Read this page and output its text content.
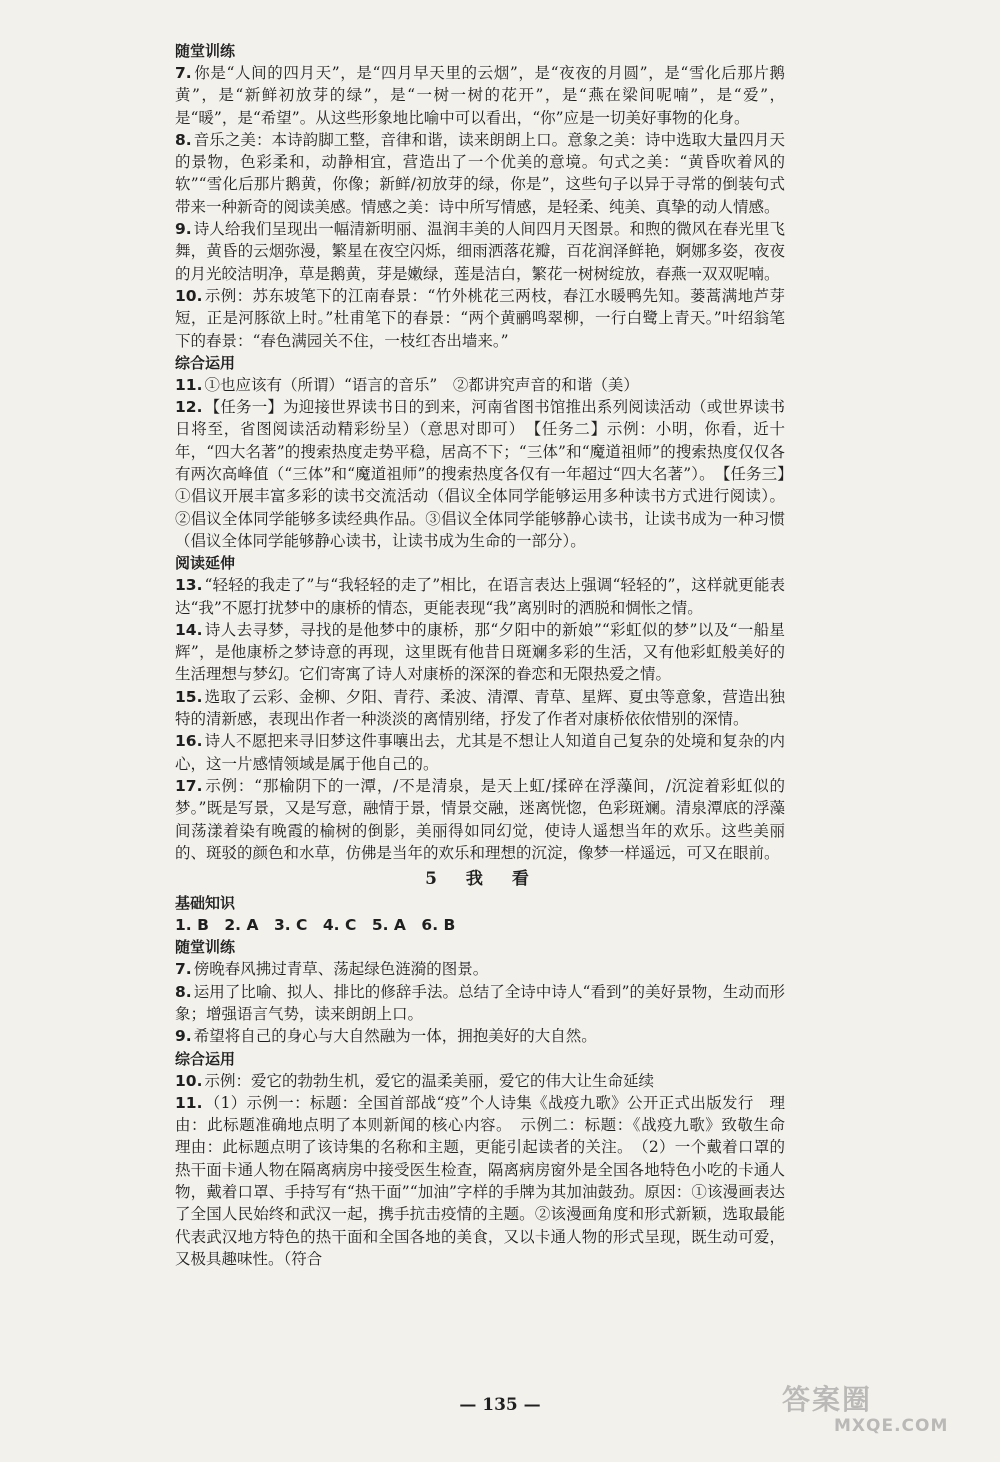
随堂训练
7. 你是“人间的四月天”，是“四月早天里的云烟”，是“夜夜的月圆”，是“雪化后那片鹅黄”，是“新鲜初放芽的绿”，是“一树一树的花开”，是“燕在梁间呢喃”，是“爱”，是“暖”，是“希望”。从这些形象地比喻中可以看出，“你”应是一切美好事物的化身。
8. 音乐之美：本诗韵脚工整，音律和谐，读来朗朗上口。意象之美：诗中选取大量四月天的景物，色彩柔和，动静相宜，营造出了一个优美的意境。句式之美：“黄昏吹着风的软”“雪化后那片鹅黄，你像；新鲜/初放芽的绿，你是”，这些句子以异于寻常的倒装句式带来一种新奇的阅读美感。情感之美：诗中所写情感，是轻柔、纯美、真挚的动人情感。
9. 诗人给我们呈现出一幅清新明丽、温润丰美的人间四月天图景。和煦的微风在春光里飞舞，黄昏的云烟弥漫，繁星在夜空闪烁，细雨洒落花瓣，百花润泽鲜艳，婀娜多姿，夜夜的月光皎洁明净，草是鹅黄，芽是嫩绿，莲是洁白，繁花一树树绽放，春燕一双双呢喃。
10. 示例：苏东坡笔下的江南春景：“竹外桃花三两枝，春江水暖鸭先知。蒌蒿满地芦芽短，正是河豚欲上时。”杜甫笔下的春景：“两个黄鹂鸣翠柳，一行白鹭上青天。”叶绍翁笔下的春景：“春色满园关不住，一枝红杏出墙来。”
综合运用
11. ①也应该有（所谓）“语言的音乐”　②都讲究声音的和谐（美）
12. 【任务一】为迎接世界读书日的到来，河南省图书馆推出系列阅读活动（或世界读书日将至，省图阅读活动精彩纷呈）（意思对即可）　【任务二】示例：小明，你看，近十年，“四大名著”的搜索热度走势平稳，居高不下；“三体”和“魔道祖师”的搜索热度仅仅各有两次高峰值（“三体”和“魔道祖师”的搜索热度各仅有一年超过“四大名著”）。　【任务三】①倡议开展丰富多彩的读书交流活动（倡议全体同学能够运用多种读书方式进行阅读）。②倡议全体同学能够多读经典作品。③倡议全体同学能够静心读书，让读书成为一种习惯（倡议全体同学能够静心读书，让读书成为生命的一部分）。
阅读延伸
13. “轻轻的我走了”与“我轻轻的走了”相比，在语言表达上强调“轻轻的”，这样就更能表达“我”不愿打扰梦中的康桥的情态，更能表现“我”离别时的洒脱和惆怅之情。
14. 诗人去寻梦，寻找的是他梦中的康桥，那“夕阳中的新娘”“彩虹似的梦”以及“一船星辉”，是他康桥之梦诗意的再现，这里既有他昔日斑斓多彩的生活，又有他彩虹般美好的生活理想与梦幻。它们寄寓了诗人对康桥的深深的眷恋和无限热爱之情。
15. 选取了云彩、金柳、夕阳、青荇、柔波、清潭、青草、星辉、夏虫等意象，营造出独特的清新感，表现出作者一种淡淡的离情别绪，抒发了作者对康桥依依惜别的深情。
16. 诗人不愿把来寻旧梦这件事嚷出去，尤其是不想让人知道自己复杂的处境和复杂的内心，这一片感情领域是属于他自己的。
17. 示例：“那榆阴下的一潭，/不是清泉，是天上虹/揉碎在浮藻间，/沉淀着彩虹似的梦。”既是写景，又是写意，融情于景，情景交融，迷离恍惚，色彩斑斓。清泉潭底的浮藻间荡漾着染有晚霞的榆树的倒影，美丽得如同幻觉，使诗人遥想当年的欢乐。这些美丽的、斑驳的颜色和水草，仿佛是当年的欢乐和理想的沉淀，像梦一样遥远，可又在眼前。
5　我　看
基础知识
1. B　2. A　3. C　4. C　5. A　6. B
随堂训练
7. 傍晚春风拂过青草、荡起绿色涟漪的图景。
8. 运用了比喻、拟人、排比的修辞手法。总结了全诗中诗人“看到”的美好景物，生动而形象；增强语言气势，读来朗朗上口。
9. 希望将自己的身心与大自然融为一体，拥抱美好的大自然。
综合运用
10. 示例：爱它的勃勃生机，爱它的温柔美丽，爱它的伟大让生命延续
11. （1）示例一：标题：全国首部战“疫”个人诗集《战疫九歌》公开正式出版发行　理由：此标题准确地点明了本则新闻的核心内容。　示例二：标题：《战疫九歌》致敬生命　理由：此标题点明了该诗集的名称和主题，更能引起读者的关注。　（2）一个戴着口罩的热干面卡通人物在隔离病房中接受医生检查，隔离病房窗外是全国各地特色小吃的卡通人物，戴着口罩、手持写有“热干面”“加油”字样的手牌为其加油鼓劲。原因：①该漫画表达了全国人民始终和武汉一起，携手抗击疫情的主题。②该漫画角度和形式新颖，选取最能代表武汉地方特色的热干面和全国各地的美食，又以卡通人物的形式呈现，既生动可爱，又极具趣味性。（符合
— 135 —	答案圈
MXQE.COM
